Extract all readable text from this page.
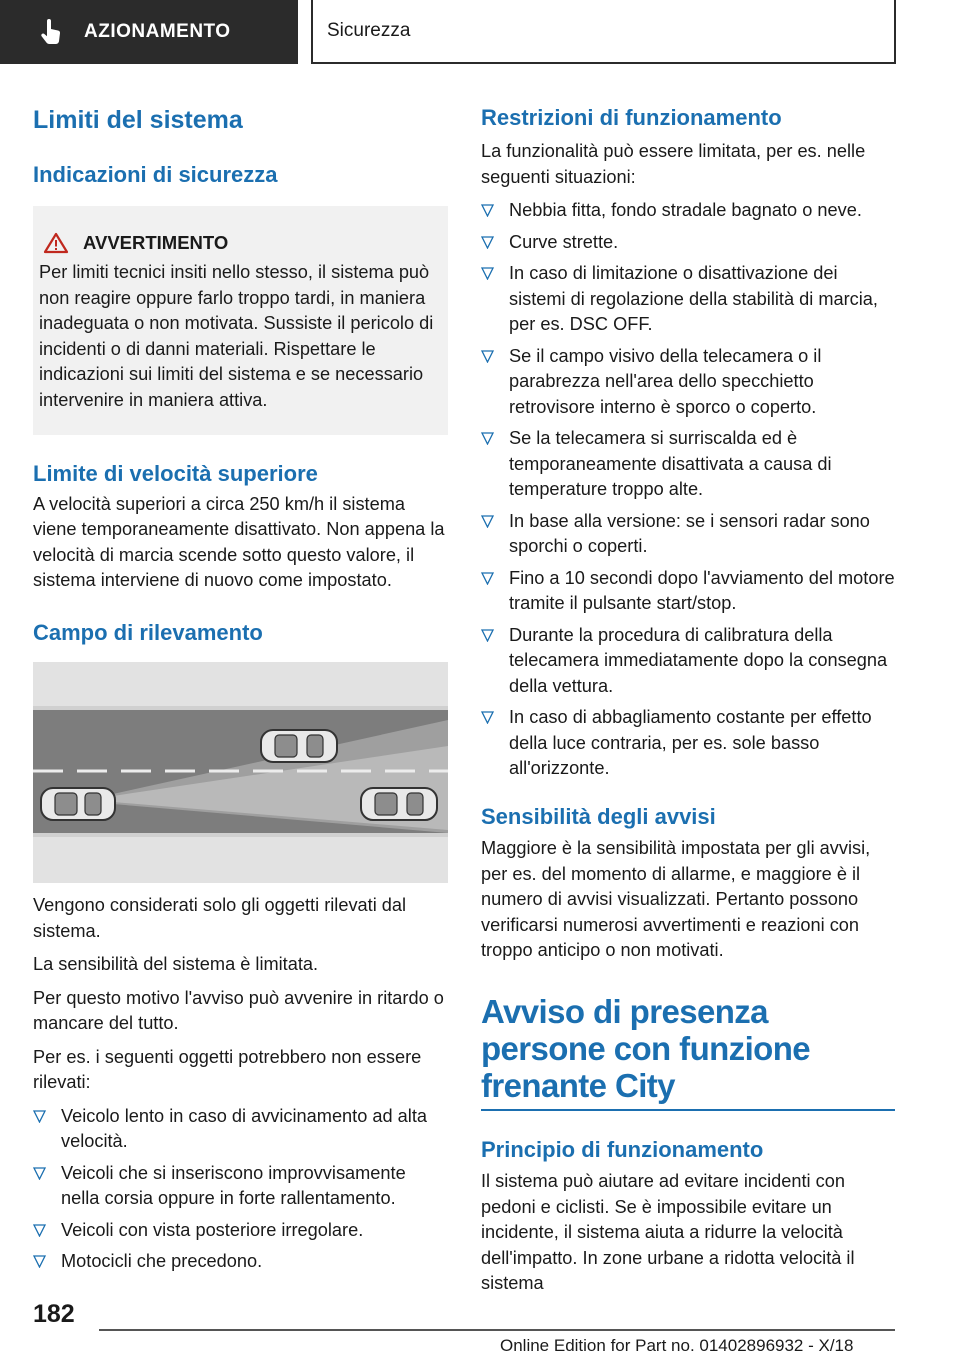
AZIONAMENTO	Sicurezza
Limiti del sistema
Indicazioni di sicurezza
AVVERTIMENTO
Per limiti tecnici insiti nello stesso, il sistema può non reagire oppure farlo troppo tardi, in maniera inadeguata o non motivata. Sussiste il pericolo di incidenti o di danni materiali. Rispettare le indicazioni sui limiti del sistema e se necessario intervenire in maniera attiva.
Limite di velocità superiore
A velocità superiori a circa 250 km/h il sistema viene temporaneamente disattivato. Non appena la velocità di marcia scende sotto questo valore, il sistema interviene di nuovo come impostato.
Campo di rilevamento
Vengono considerati solo gli oggetti rilevati dal sistema.
La sensibilità del sistema è limitata.
Per questo motivo l'avviso può avvenire in ritardo o mancare del tutto.
Per es. i seguenti oggetti potrebbero non essere rilevati:
Veicolo lento in caso di avvicinamento ad alta velocità.
Veicoli che si inseriscono improvvisamente nella corsia oppure in forte rallentamento.
Veicoli con vista posteriore irregolare.
Motocicli che precedono.
Restrizioni di funzionamento
La funzionalità può essere limitata, per es. nelle seguenti situazioni:
Nebbia fitta, fondo stradale bagnato o neve.
Curve strette.
In caso di limitazione o disattivazione dei sistemi di regolazione della stabilità di marcia, per es. DSC OFF.
Se il campo visivo della telecamera o il parabrezza nell'area dello specchietto retrovisore interno è sporco o coperto.
Se la telecamera si surriscalda ed è temporaneamente disattivata a causa di temperature troppo alte.
In base alla versione: se i sensori radar sono sporchi o coperti.
Fino a 10 secondi dopo l'avviamento del motore tramite il pulsante start/stop.
Durante la procedura di calibratura della telecamera immediatamente dopo la consegna della vettura.
In caso di abbagliamento costante per effetto della luce contraria, per es. sole basso all'orizzonte.
Sensibilità degli avvisi
Maggiore è la sensibilità impostata per gli avvisi, per es. del momento di allarme, e maggiore è il numero di avvisi visualizzati. Pertanto possono verificarsi numerosi avvertimenti e reazioni con troppo anticipo o non motivati.
Avviso di presenza persone con funzione frenante City
Principio di funzionamento
Il sistema può aiutare ad evitare incidenti con pedoni e ciclisti. Se è impossibile evitare un incidente, il sistema aiuta a ridurre la velocità dell'impatto. In zone urbane a ridotta velocità il sistema
182
Online Edition for Part no. 01402896932 - X/18
